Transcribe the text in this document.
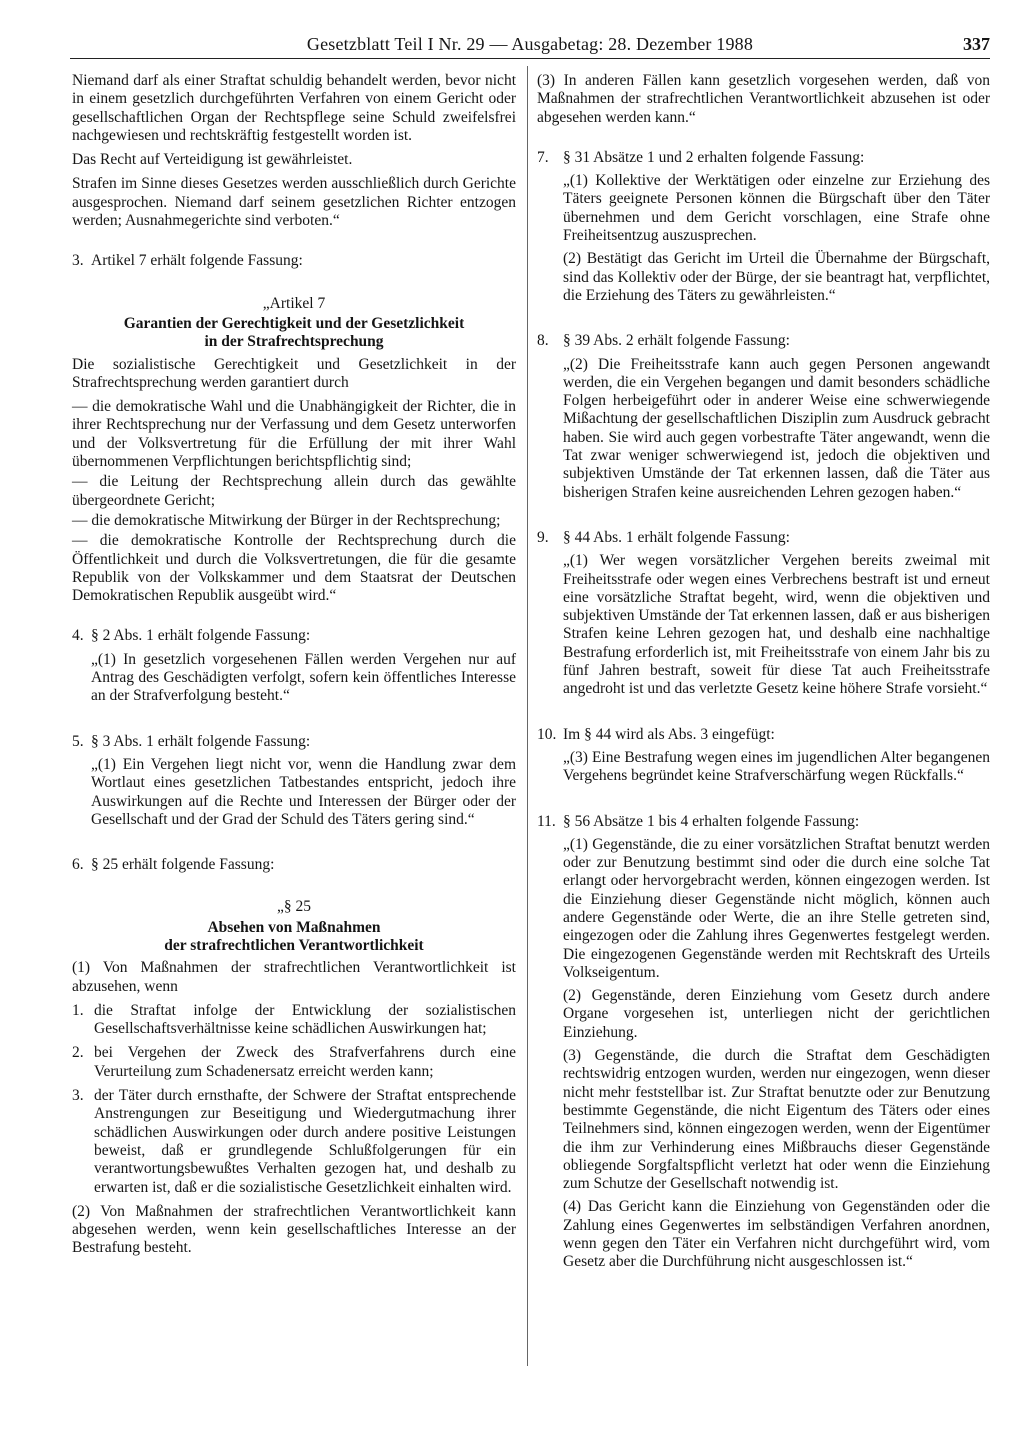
Gesetzblatt Teil I Nr. 29 — Ausgabetag: 28. Dezember 1988	337

Niemand darf als einer Straftat schuldig behandelt werden, bevor nicht in einem gesetzlich durchgeführten Verfahren von einem Gericht oder gesellschaftlichen Organ der Rechtspflege seine Schuld zweifelsfrei nachgewiesen und rechtskräftig festgestellt worden ist.

Das Recht auf Verteidigung ist gewährleistet.

Strafen im Sinne dieses Gesetzes werden ausschließlich durch Gerichte ausgesprochen. Niemand darf seinem gesetzlichen Richter entzogen werden; Ausnahmegerichte sind verboten.“

3. Artikel 7 erhält folgende Fassung:
„Artikel 7
Garantien der Gerechtigkeit und der Gesetzlichkeit
in der Strafrechtsprechung

Die sozialistische Gerechtigkeit und Gesetzlichkeit in der Strafrechtsprechung werden garantiert durch

— die demokratische Wahl und die Unabhängigkeit der Richter, die in ihrer Rechtsprechung nur der Verfassung und dem Gesetz unterworfen und der Volksvertretung für die Erfüllung der mit ihrer Wahl übernommenen Verpflichtungen berichtspflichtig sind;

— die Leitung der Rechtsprechung allein durch das gewählte übergeordnete Gericht;

— die demokratische Mitwirkung der Bürger in der Rechtsprechung;

— die demokratische Kontrolle der Rechtsprechung durch die Öffentlichkeit und durch die Volksvertretungen, die für die gesamte Republik von der Volkskammer und dem Staatsrat der Deutschen Demokratischen Republik ausgeübt wird.“

4. § 2 Abs. 1 erhält folgende Fassung:

„(1) In gesetzlich vorgesehenen Fällen werden Vergehen nur auf Antrag des Geschädigten verfolgt, sofern kein öffentliches Interesse an der Strafverfolgung besteht.“

5. § 3 Abs. 1 erhält folgende Fassung:

„(1) Ein Vergehen liegt nicht vor, wenn die Handlung zwar dem Wortlaut eines gesetzlichen Tatbestandes entspricht, jedoch ihre Auswirkungen auf die Rechte und Interessen der Bürger oder der Gesellschaft und der Grad der Schuld des Täters gering sind.“

6. § 25 erhält folgende Fassung:
„§ 25
Absehen von Maßnahmen
der strafrechtlichen Verantwortlichkeit

(1) Von Maßnahmen der strafrechtlichen Verantwortlichkeit ist abzusehen, wenn

1. die Straftat infolge der Entwicklung der sozialistischen Gesellschaftsverhältnisse keine schädlichen Auswirkungen hat;
2. bei Vergehen der Zweck des Strafverfahrens durch eine Verurteilung zum Schadenersatz erreicht werden kann;
3. der Täter durch ernsthafte, der Schwere der Straftat entsprechende Anstrengungen zur Beseitigung und Wiedergutmachung ihrer schädlichen Auswirkungen oder durch andere positive Leistungen beweist, daß er grundlegende Schlußfolgerungen für ein verantwortungsbewußtes Verhalten gezogen hat, und deshalb zu erwarten ist, daß er die sozialistische Gesetzlichkeit einhalten wird.

(2) Von Maßnahmen der strafrechtlichen Verantwortlichkeit kann abgesehen werden, wenn kein gesellschaftliches Interesse an der Bestrafung besteht.

(3) In anderen Fällen kann gesetzlich vorgesehen werden, daß von Maßnahmen der strafrechtlichen Verantwortlichkeit abzusehen ist oder abgesehen werden kann.“

7. § 31 Absätze 1 und 2 erhalten folgende Fassung:

„(1) Kollektive der Werktätigen oder einzelne zur Erziehung des Täters geeignete Personen können die Bürgschaft über den Täter übernehmen und dem Gericht vorschlagen, eine Strafe ohne Freiheitsentzug auszusprechen.

(2) Bestätigt das Gericht im Urteil die Übernahme der Bürgschaft, sind das Kollektiv oder der Bürge, der sie beantragt hat, verpflichtet, die Erziehung des Täters zu gewährleisten.“

8. § 39 Abs. 2 erhält folgende Fassung:

„(2) Die Freiheitsstrafe kann auch gegen Personen angewandt werden, die ein Vergehen begangen und damit besonders schädliche Folgen herbeigeführt oder in anderer Weise eine schwerwiegende Mißachtung der gesellschaftlichen Disziplin zum Ausdruck gebracht haben. Sie wird auch gegen vorbestrafte Täter angewandt, wenn die Tat zwar weniger schwerwiegend ist, jedoch die objektiven und subjektiven Umstände der Tat erkennen lassen, daß die Täter aus bisherigen Strafen keine ausreichenden Lehren gezogen haben.“

9. § 44 Abs. 1 erhält folgende Fassung:

„(1) Wer wegen vorsätzlicher Vergehen bereits zweimal mit Freiheitsstrafe oder wegen eines Verbrechens bestraft ist und erneut eine vorsätzliche Straftat begeht, wird, wenn die objektiven und subjektiven Umstände der Tat erkennen lassen, daß er aus bisherigen Strafen keine Lehren gezogen hat, und deshalb eine nachhaltige Bestrafung erforderlich ist, mit Freiheitsstrafe von einem Jahr bis zu fünf Jahren bestraft, soweit für diese Tat auch Freiheitsstrafe angedroht ist und das verletzte Gesetz keine höhere Strafe vorsieht.“

10. Im § 44 wird als Abs. 3 eingefügt:

„(3) Eine Bestrafung wegen eines im jugendlichen Alter begangenen Vergehens begründet keine Strafverschärfung wegen Rückfalls.“

11. § 56 Absätze 1 bis 4 erhalten folgende Fassung:

„(1) Gegenstände, die zu einer vorsätzlichen Straftat benutzt werden oder zur Benutzung bestimmt sind oder die durch eine solche Tat erlangt oder hervorgebracht werden, können eingezogen werden. Ist die Einziehung dieser Gegenstände nicht möglich, können auch andere Gegenstände oder Werte, die an ihre Stelle getreten sind, eingezogen oder die Zahlung ihres Gegenwertes festgelegt werden. Die eingezogenen Gegenstände werden mit Rechtskraft des Urteils Volkseigentum.

(2) Gegenstände, deren Einziehung vom Gesetz durch andere Organe vorgesehen ist, unterliegen nicht der gerichtlichen Einziehung.

(3) Gegenstände, die durch die Straftat dem Geschädigten rechtswidrig entzogen wurden, werden nur eingezogen, wenn dieser nicht mehr feststellbar ist. Zur Straftat benutzte oder zur Benutzung bestimmte Gegenstände, die nicht Eigentum des Täters oder eines Teilnehmers sind, können eingezogen werden, wenn der Eigentümer die ihm zur Verhinderung eines Mißbrauchs dieser Gegenstände obliegende Sorgfaltspflicht verletzt hat oder wenn die Einziehung zum Schutze der Gesellschaft notwendig ist.

(4) Das Gericht kann die Einziehung von Gegenständen oder die Zahlung eines Gegenwertes im selbständigen Verfahren anordnen, wenn gegen den Täter ein Verfahren nicht durchgeführt wird, vom Gesetz aber die Durchführung nicht ausgeschlossen ist.“
